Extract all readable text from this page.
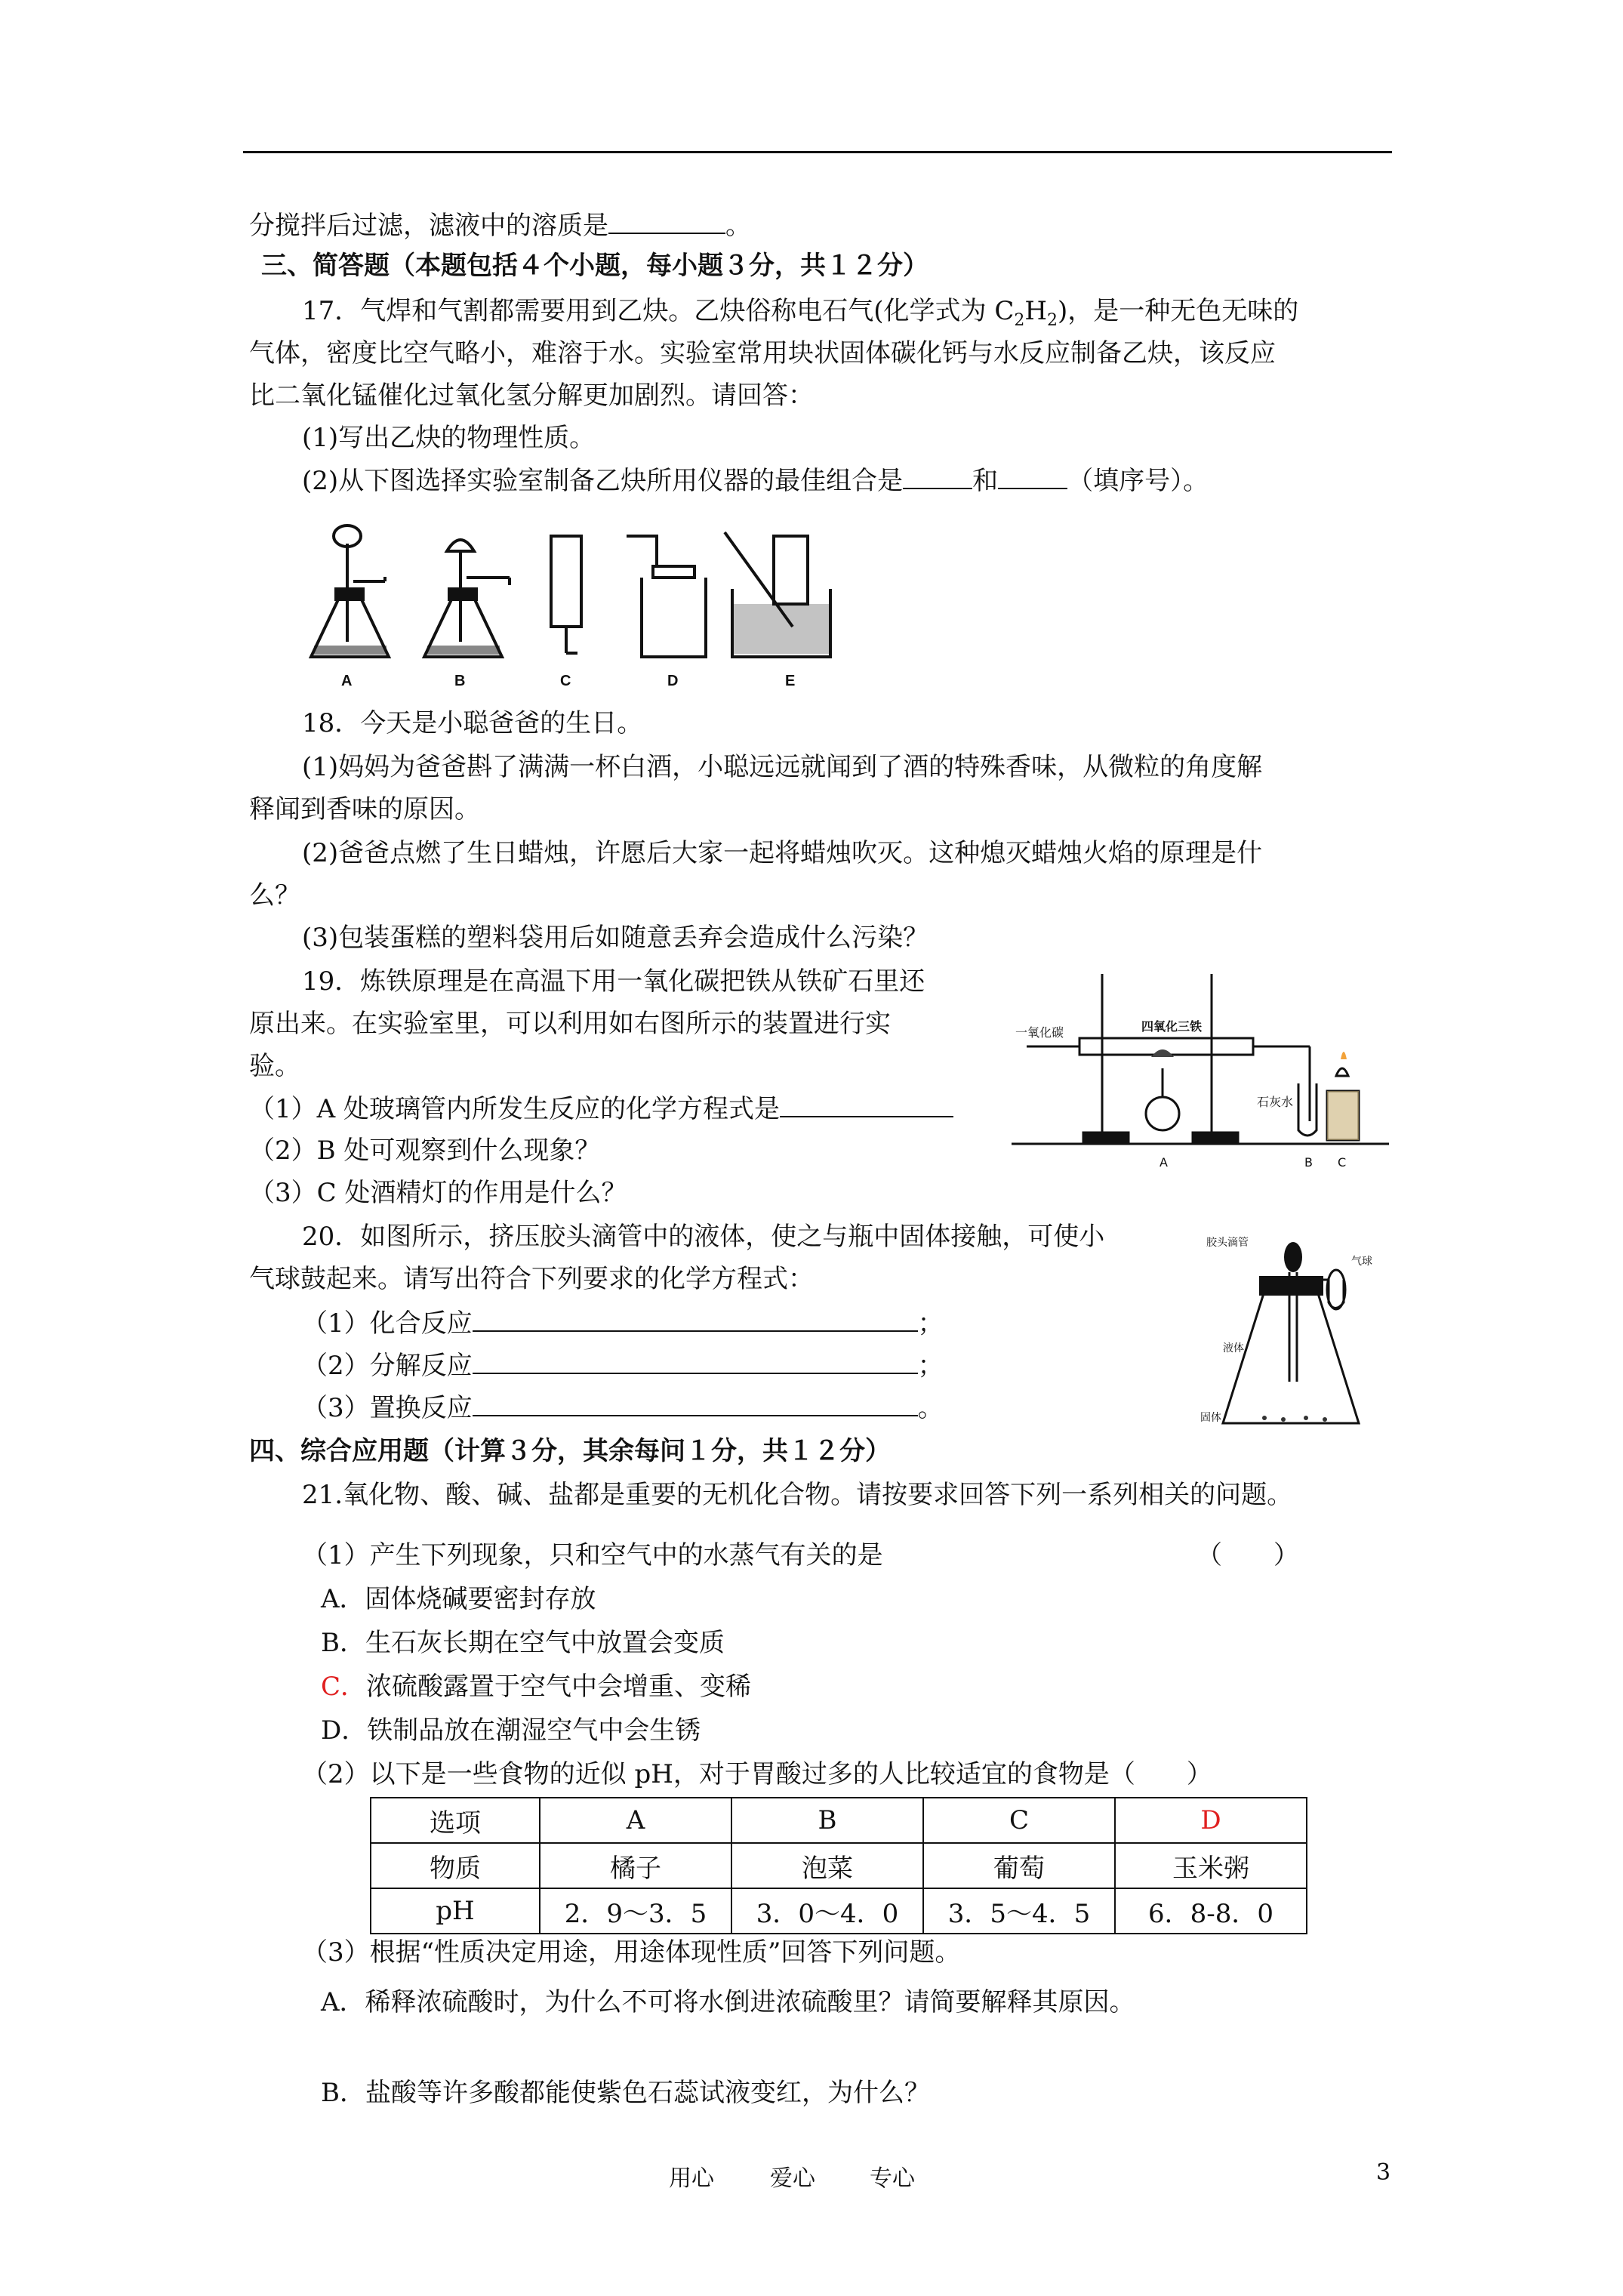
分搅拌后过滤，滤液中的溶质是	。
三、简答题（本题包括４个小题，每小题３分，共１２分）
17．气焊和气割都需要用到乙炔。乙炔俗称电石气(化学式为 $C_2H_2$)，是一种无色无味的
气体，密度比空气略小，难溶于水。实验室常用块状固体碳化钙与水反应制备乙炔，该反应
比二氧化锰催化过氧化氢分解更加剧烈。请回答：
(1)写出乙炔的物理性质。
(2)从下图选择实验室制备乙炔所用仪器的最佳组合是	和	（填序号）。
A	B	C	D	E
18．今天是小聪爸爸的生日。
(1)妈妈为爸爸斟了满满一杯白酒，小聪远远就闻到了酒的特殊香味，从微粒的角度解
释闻到香味的原因。
(2)爸爸点燃了生日蜡烛，许愿后大家一起将蜡烛吹灭。这种熄灭蜡烛火焰的原理是什
么？
(3)包装蛋糕的塑料袋用后如随意丢弃会造成什么污染？
19．炼铁原理是在高温下用一氧化碳把铁从铁矿石里还
原出来。在实验室里，可以利用如右图所示的装置进行实
验。
（1）A 处玻璃管内所发生反应的化学方程式是
（2）B 处可观察到什么现象？
（3）C 处酒精灯的作用是什么？
一氧化碳	四氧化三铁
石灰水
A	B C
20．如图所示，挤压胶头滴管中的液体，使之与瓶中固体接触，可使小
气球鼓起来。请写出符合下列要求的化学方程式：
（1）化合反应	；
（2）分解反应	；
（3）置换反应	。
胶头滴管
气球
液体
固体
四、综合应用题（计算３分，其余每问１分，共１２分）
21.氧化物、酸、碱、盐都是重要的无机化合物。请按要求回答下列一系列相关的问题。
（1）产生下列现象，只和空气中的水蒸气有关的是	（　　）
A．固体烧碱要密封存放
B．生石灰长期在空气中放置会变质
C．浓硫酸露置于空气中会增重、变稀
D．铁制品放在潮湿空气中会生锈
（2）以下是一些食物的近似 pH，对于胃酸过多的人比较适宜的食物是（　　）
选项	A	B	C	D
物质	橘子	泡菜	葡萄	玉米粥
pH	2．9～3．5	3．0～4．0	3．5～4．5	6．8-8．0
（3）根据“性质决定用途，用途体现性质”回答下列问题。
A．稀释浓硫酸时，为什么不可将水倒进浓硫酸里？请简要解释其原因。
B．盐酸等许多酸都能使紫色石蕊试液变红，为什么？
用心 爱心 专心	3
